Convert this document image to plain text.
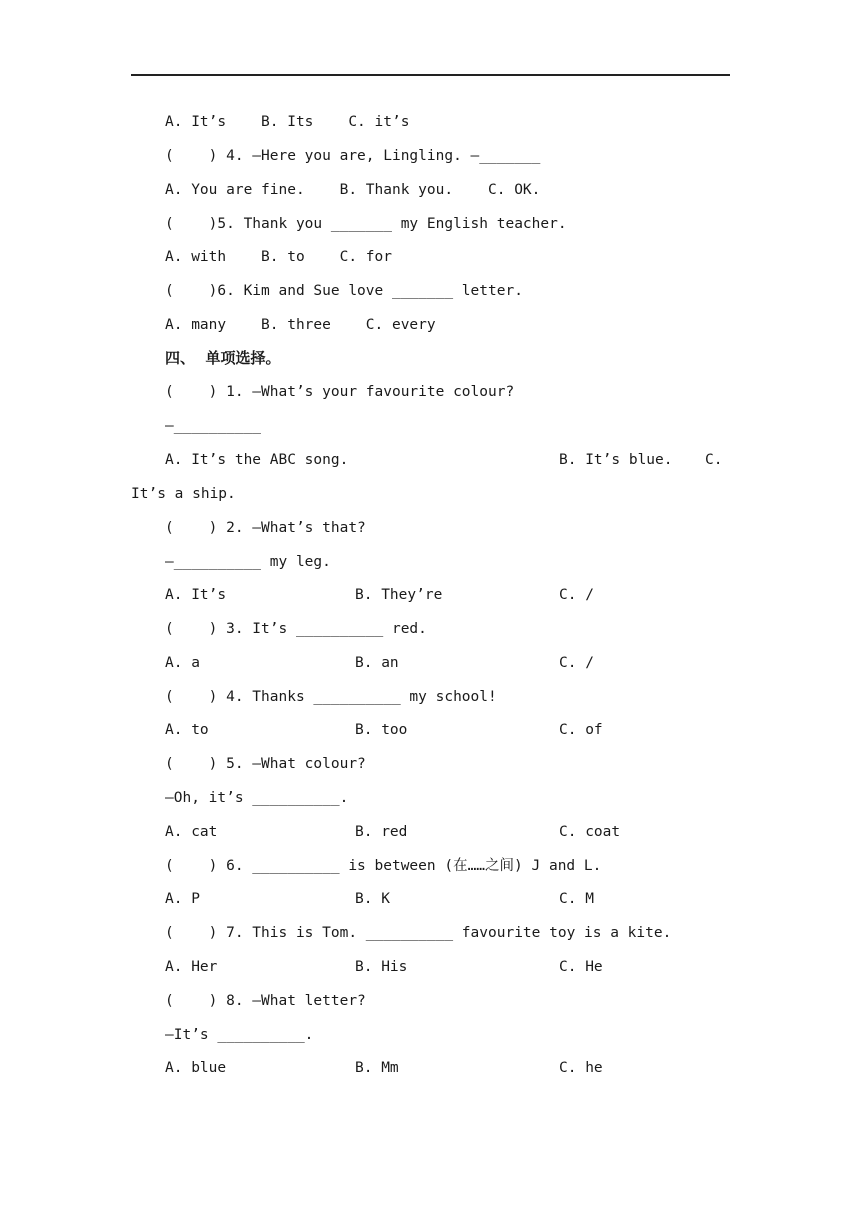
A. It’s    B. Its    C. it’s
(    ) 4. —Here you are, Lingling. —_______
A. You are fine.    B. Thank you.    C. OK.
(    )5. Thank you _______ my English teacher.
A. with    B. to    C. for
(    )6. Kim and Sue love _______ letter.
A. many    B. three    C. every
四、  单项选择。
(    ) 1. —What’s your favourite colour?
—__________
A. It’s the ABC song.	B. It’s blue. C.
It’s a ship.
(    ) 2. —What’s that?
—__________ my leg.
A. It’s	B. They’re	C. /
(    ) 3. It’s __________ red.
A. a	B. an	C. /
(    ) 4. Thanks __________ my school!
A. to	B. too	C. of
(    ) 5. —What colour?
—Oh, it’s __________.
A. cat	B. red	C. coat
(    ) 6. __________ is between (在……之间) J and L.
A. P	B. K	C. M
(    ) 7. This is Tom. __________ favourite toy is a kite.
A. Her	B. His	C. He
(    ) 8. —What letter?
—It’s __________.
A. blue	B. Mm	C. he
